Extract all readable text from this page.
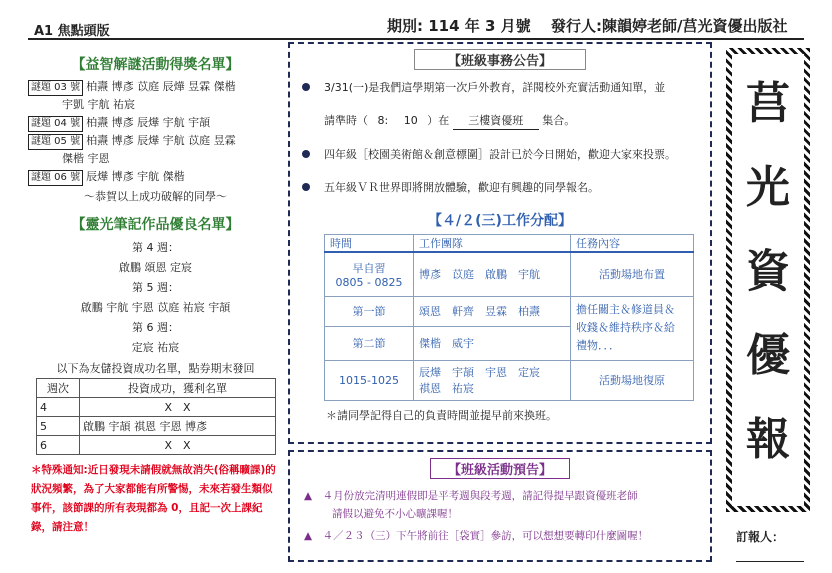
A1 焦點頭版	期別: 114 年 3 月號 發行人:陳韻婷老師/莒光資優出版社
【益智解謎活動得獎名單】
謎題 03 號 柏燾 博彥 苡庭 辰燁 昱霖 傑楷
宇凱 宇航 祐宸
謎題 04 號 柏燾 博彥 辰燁 宇航 宇頡
謎題 05 號 柏燾 博彥 辰燁 宇航 苡庭 昱霖
傑楷 宇恩
謎題 06 號 辰燁 博彥 宇航 傑楷
～恭賀以上成功破解的同學～
【靈光筆記作品優良名單】
第 4 週：
啟鵬 頌恩 定宸
第 5 週：
啟鵬 宇航 宇恩 苡庭 祐宸 宇頡
第 6 週：
定宸 祐宸
以下為友儲投資成功名單，點券期末發回
週次	投資成功，獲利名單
4	X　X
5	啟鵬 宇頡 祺恩 宇恩 博彥
6	X　X
＊特殊通知:近日發現未請假就無故消失(俗稱曠課)的狀況頻繁，為了大家都能有所警惕，未來若發生類似事件，該節課的所有表現都為 0，且記一次上課紀錄，請注意！
【班級事務公告】
3/31(一)是我們這學期第一次戶外教育，詳閱校外充實活動通知單，並
請準時（ 8: 10 ）在 三樓資優班 集合。
四年級［校園美術館＆創意標圍］設計已於今日開始，歡迎大家來投票。
五年級ＶＲ世界即將開放體驗，歡迎有興趣的同學報名。
【４/２(三)工作分配】
時間	工作團隊	任務內容

早自習
0805 - 0825	博彥　苡庭　啟鵬　宇航	活動場地布置
第一節	頌恩　軒齊　昱霖　柏燾	擔任關主＆修道員＆
收錢＆維持秩序＆給
禮物．．．

第二節	傑楷　威宇	
1015-1025	辰燁　宇頡　宇恩　定宸
祺恩　祐宸	活動場地復原
＊請同學記得自己的負責時間並提早前來換班。
【班級活動預告】
▲　 ４月份放完清明連假即是平考週與段考週，請記得提早跟資優班老師
請假以避免不小心曠課喔！
▲　 ４／２３（三）下午將前往［袋實］參訪，可以想想要轉印什麼圖喔！
莒
光
資
優
報
訂報人：
